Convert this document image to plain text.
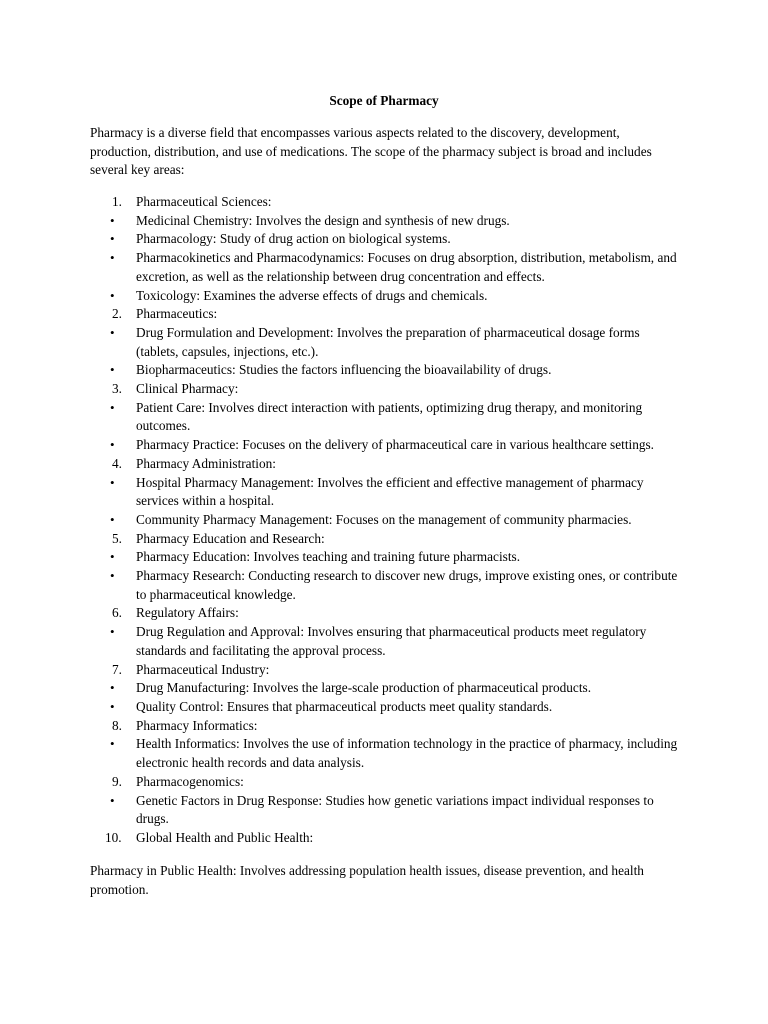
Scope of Pharmacy

Pharmacy is a diverse field that encompasses various aspects related to the discovery, development, production, distribution, and use of medications. The scope of the pharmacy subject is broad and includes several key areas:

1.	Pharmaceutical Sciences:
•	Medicinal Chemistry: Involves the design and synthesis of new drugs.
•	Pharmacology: Study of drug action on biological systems.
•	Pharmacokinetics and Pharmacodynamics: Focuses on drug absorption, distribution, metabolism, and excretion, as well as the relationship between drug concentration and effects.
•	Toxicology: Examines the adverse effects of drugs and chemicals.
2.	Pharmaceutics:
•	Drug Formulation and Development: Involves the preparation of pharmaceutical dosage forms (tablets, capsules, injections, etc.).
•	Biopharmaceutics: Studies the factors influencing the bioavailability of drugs.
3.	Clinical Pharmacy:
•	Patient Care: Involves direct interaction with patients, optimizing drug therapy, and monitoring outcomes.
•	Pharmacy Practice: Focuses on the delivery of pharmaceutical care in various healthcare settings.
4.	Pharmacy Administration:
•	Hospital Pharmacy Management: Involves the efficient and effective management of pharmacy services within a hospital.
•	Community Pharmacy Management: Focuses on the management of community pharmacies.
5.	Pharmacy Education and Research:
•	Pharmacy Education: Involves teaching and training future pharmacists.
•	Pharmacy Research: Conducting research to discover new drugs, improve existing ones, or contribute to pharmaceutical knowledge.
6.	Regulatory Affairs:
•	Drug Regulation and Approval: Involves ensuring that pharmaceutical products meet regulatory standards and facilitating the approval process.
7.	Pharmaceutical Industry:
•	Drug Manufacturing: Involves the large-scale production of pharmaceutical products.
•	Quality Control: Ensures that pharmaceutical products meet quality standards.
8.	Pharmacy Informatics:
•	Health Informatics: Involves the use of information technology in the practice of pharmacy, including electronic health records and data analysis.
9.	Pharmacogenomics:
•	Genetic Factors in Drug Response: Studies how genetic variations impact individual responses to drugs.
10.	Global Health and Public Health:

Pharmacy in Public Health: Involves addressing population health issues, disease prevention, and health promotion.
